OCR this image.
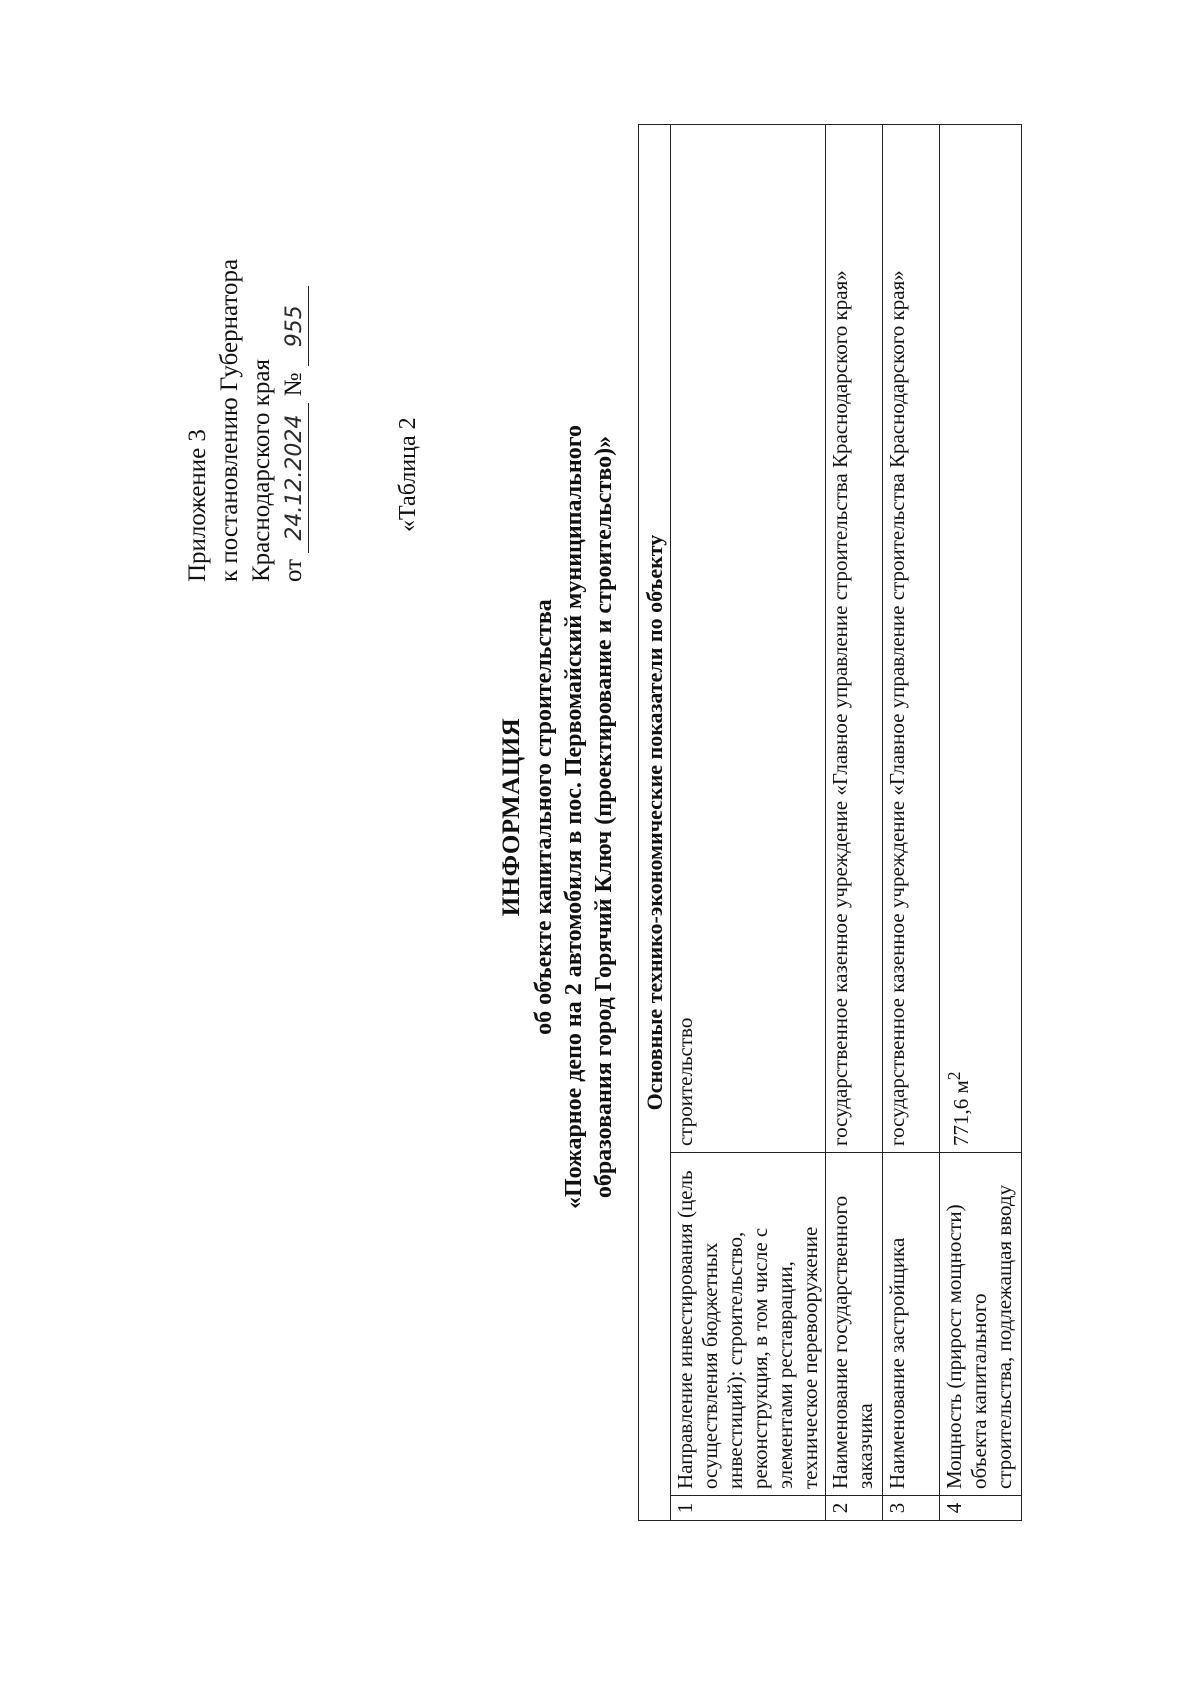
Приложение 3 к постановлению Губернатора Краснодарского края от 24.12.2024 № 955
«Таблица 2
ИНФОРМАЦИЯ об объекте капитального строительства «Пожарное депо на 2 автомобиля в пос. Первомайский муниципального образования город Горячий Ключ (проектирование и строительство)» Основные технико-экономические показатели по объекту		
1	Направление инвестирования (цель осуществления бюджетных инвестиций): строительство, реконструкция, в том числе с элементами реставрации, техническое перевооружение	строительство
2	Наименование государственного заказчика	государственное казенное учреждение «Главное управление строительства Краснодарского края»
3	Наименование застройщика	государственное казенное учреждение «Главное управление строительства Краснодарского края»
4	Мощность (прирост мощности) объекта капитального строительства, подлежащая вводу	771,6 $м^2$
